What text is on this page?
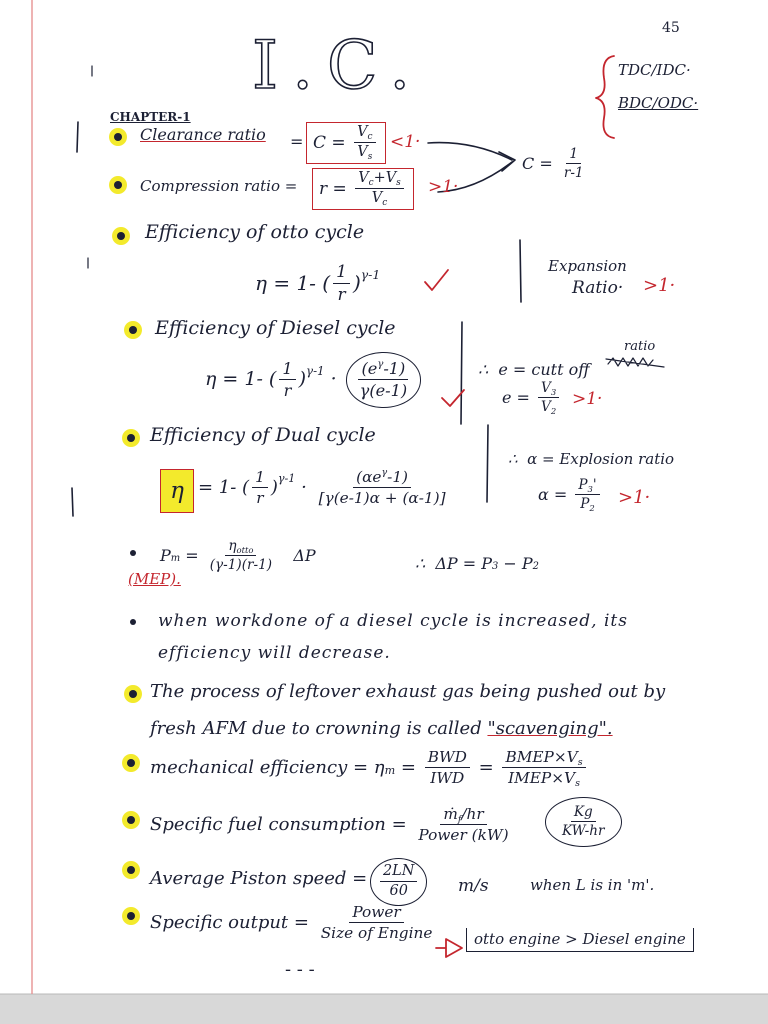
45
I.C.	TDC/IDC·
BDC/ODC·
CHAPTER-1
Clearance ratio = $C = \frac{V_c}{V_s} <1\cdot$
Compression ratio = $r = \frac{V_c+V_s}{V_c} >1\cdot$
$C = \frac{1}{r-1}$
Efficiency of otto cycle
η = 1- ( $\frac{1}{r} )^{\gamma-1}$	Expansion
Ratio· >1·
Efficiency of Diesel cycle
η = 1- ( $\frac{1}{r} )^{\gamma-1} \cdot \frac{(e^\gamma-1)}{\gamma(e-1)}$
ratio
∴  e = cutt off
$e = \frac{V_3}{V_2} >1\cdot$
Efficiency of Dual cycle
η = 1- ( $\frac{1}{r} )^{\gamma-1} \cdot \frac{(\alpha e^\gamma-1)}{[\gamma(e-1)\alpha + (\alpha-1)]}$
∴  α = Explosion ratio
$\alpha = \frac{P_3'}{P_2} >1\cdot$
$P_m = \frac{\eta_{otto}}{(\gamma-1)(r-1)}$ ΔP
(MEP).
∴  $\Delta P = P_3 - P_2$
when workdone of a diesel cycle is increased, its
efficiency will decrease.
The process of leftover exhaust gas being pushed out by
fresh AFM due to crowning is called "scavenging".
mechanical efficiency = $\eta_m = \frac{\text{BWD}}{\text{IWD}} = \frac{BMEP\times V_s}{IMEP\times V_s}$
Specific fuel consumption = $\frac{ṁ_f/hr}{\text{Power (kW)}}$	$\frac{Kg}{KW-hr}$
Average Piston speed = $\frac{2LN}{60} m/s$	when L is in 'm'.
Specific output = $\frac{\text{Power}}{\text{Size of Engine}}$	otto engine > Diesel engine
- - -
